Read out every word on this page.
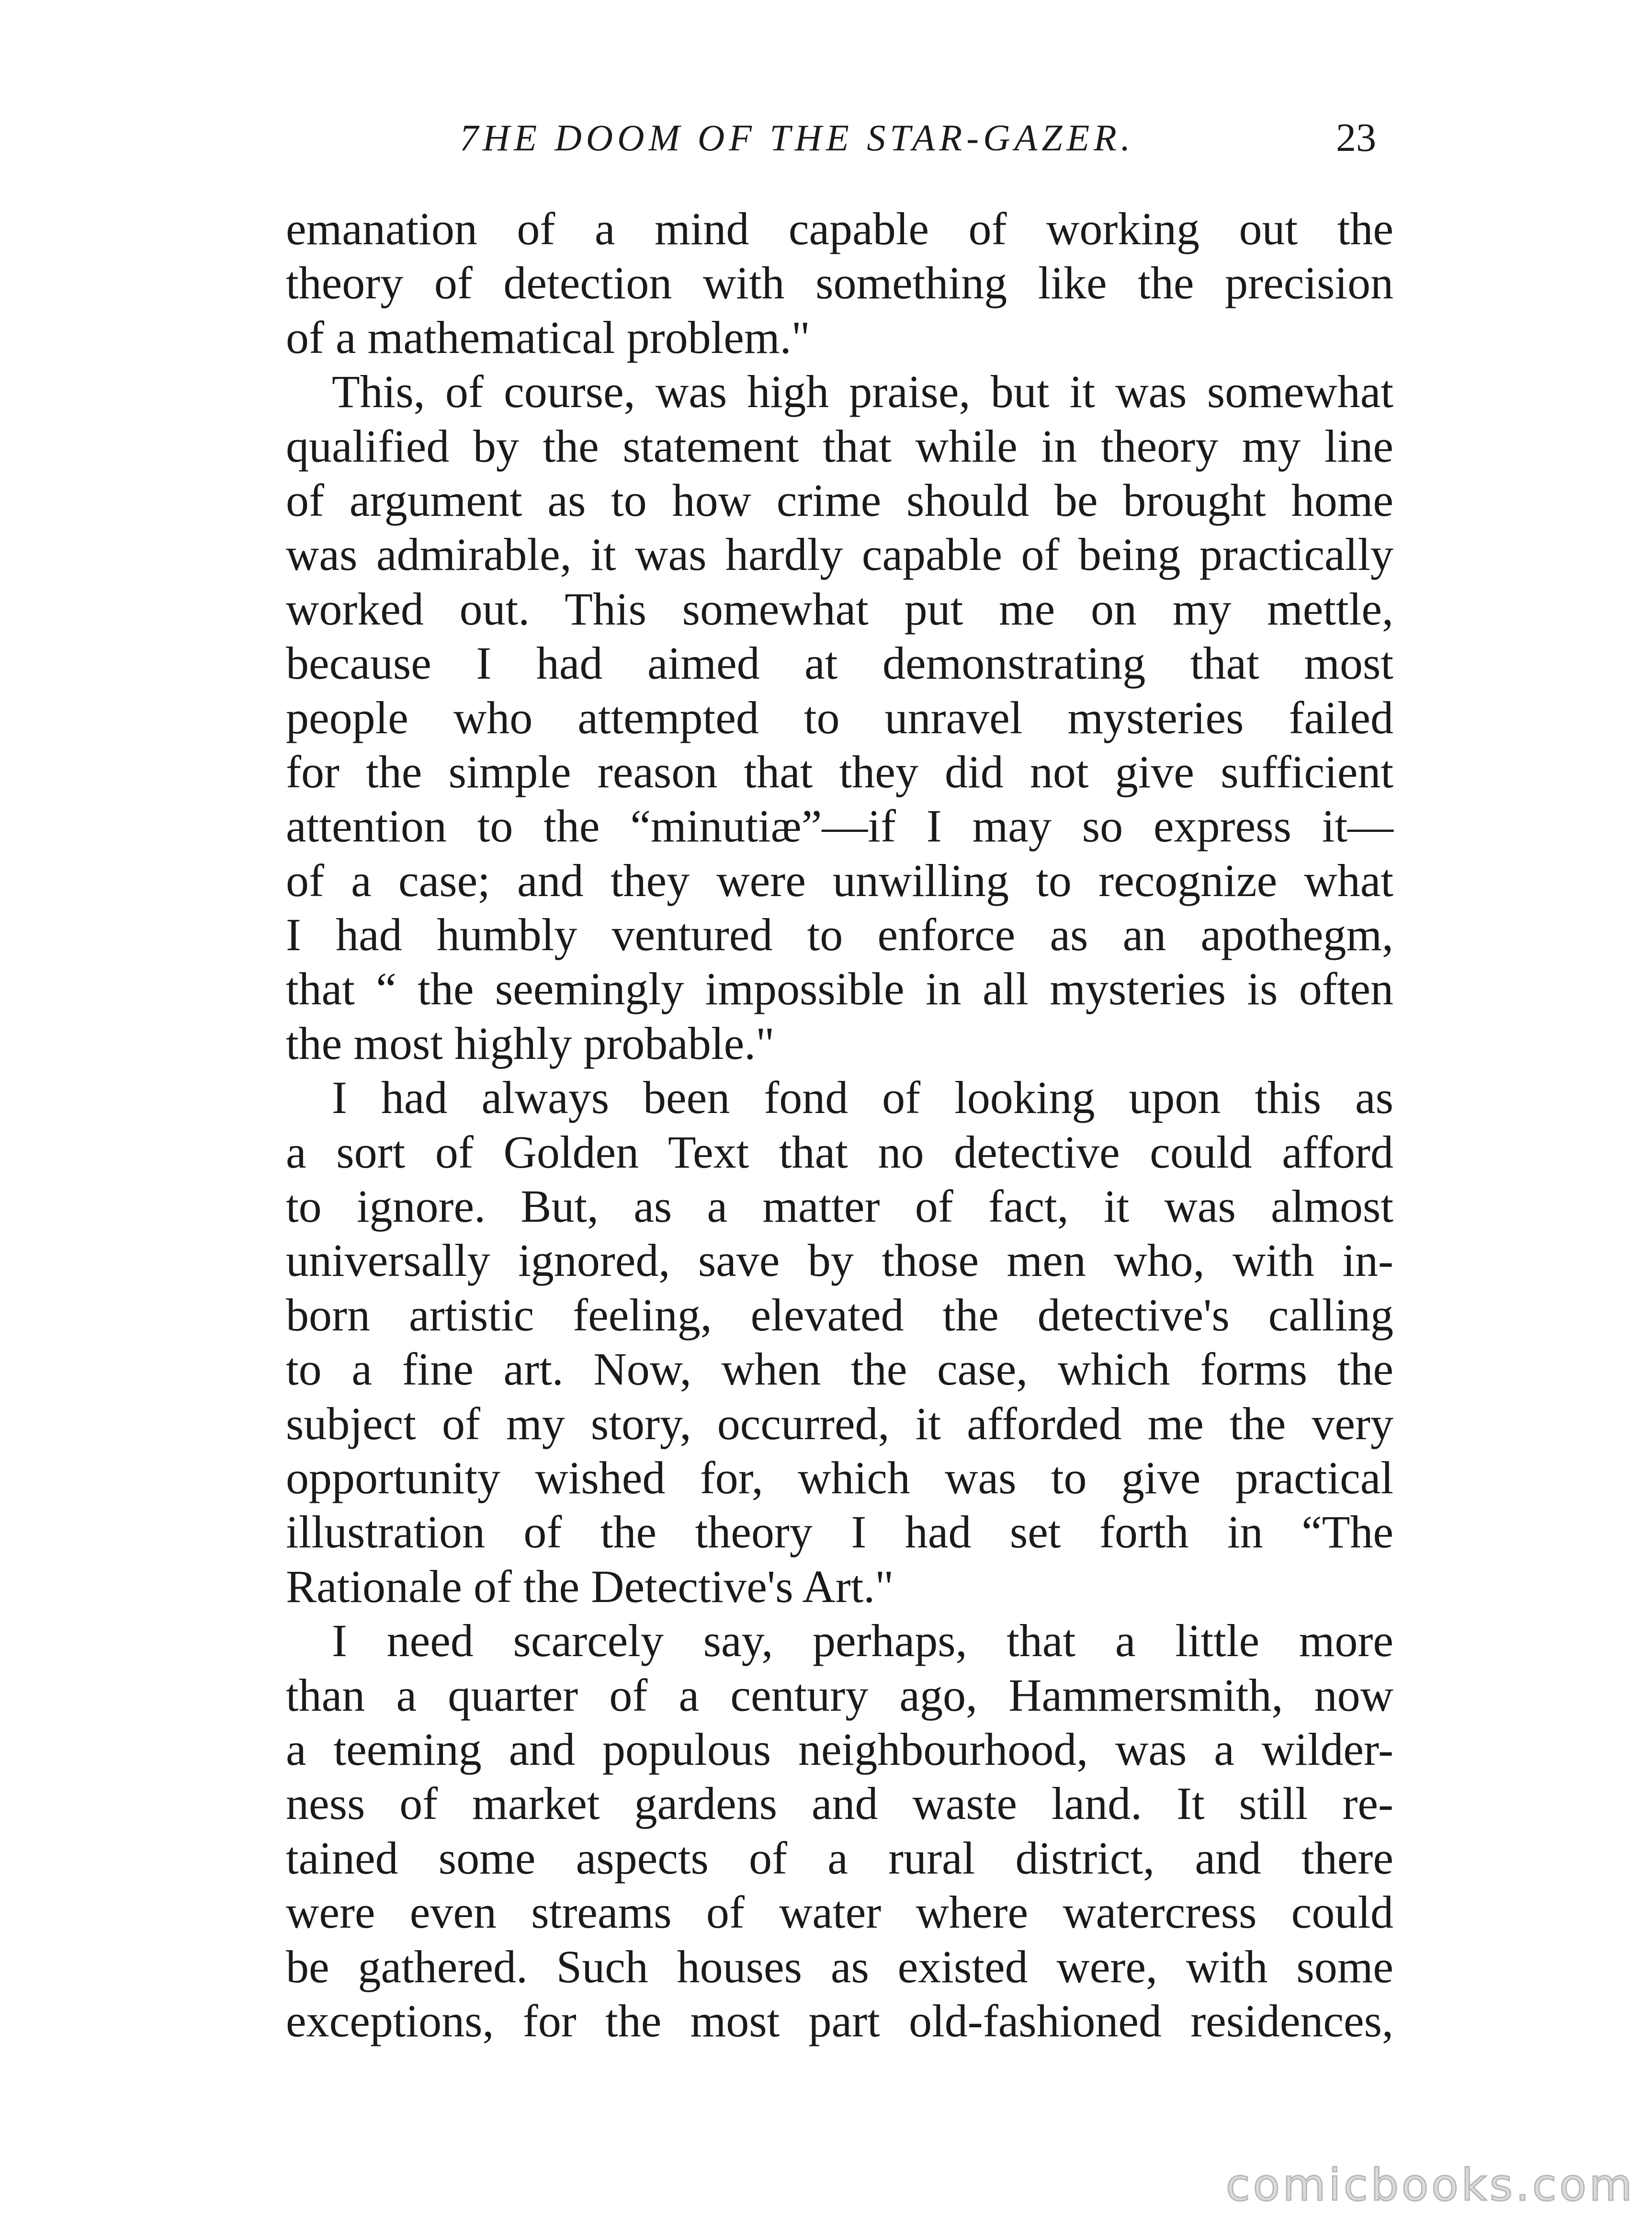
7HE DOOM OF THE STAR-GAZER.	23
emanation of a mind capable of working out the
theory of detection with something like the precision
of a mathematical problem."
This, of course, was high praise, but it was somewhat
qualified by the statement that while in theory my line
of argument as to how crime should be brought home
was admirable, it was hardly capable of being practically
worked out. This somewhat put me on my mettle,
because I had aimed at demonstrating that most
people who attempted to unravel mysteries failed
for the simple reason that they did not give sufficient
attention to the “minutiæ”—if I may so express it—
of a case; and they were unwilling to recognize what
I had humbly ventured to enforce as an apothegm,
that “ the seemingly impossible in all mysteries is often
the most highly probable."
I had always been fond of looking upon this as
a sort of Golden Text that no detective could afford
to ignore. But, as a matter of fact, it was almost
universally ignored, save by those men who, with in-
born artistic feeling, elevated the detective's calling
to a fine art. Now, when the case, which forms the
subject of my story, occurred, it afforded me the very
opportunity wished for, which was to give practical
illustration of the theory I had set forth in “The
Rationale of the Detective's Art."
I need scarcely say, perhaps, that a little more
than a quarter of a century ago, Hammersmith, now
a teeming and populous neighbourhood, was a wilder-
ness of market gardens and waste land. It still re-
tained some aspects of a rural district, and there
were even streams of water where watercress could
be gathered. Such houses as existed were, with some
exceptions, for the most part old-fashioned residences,
comicbooks.com
